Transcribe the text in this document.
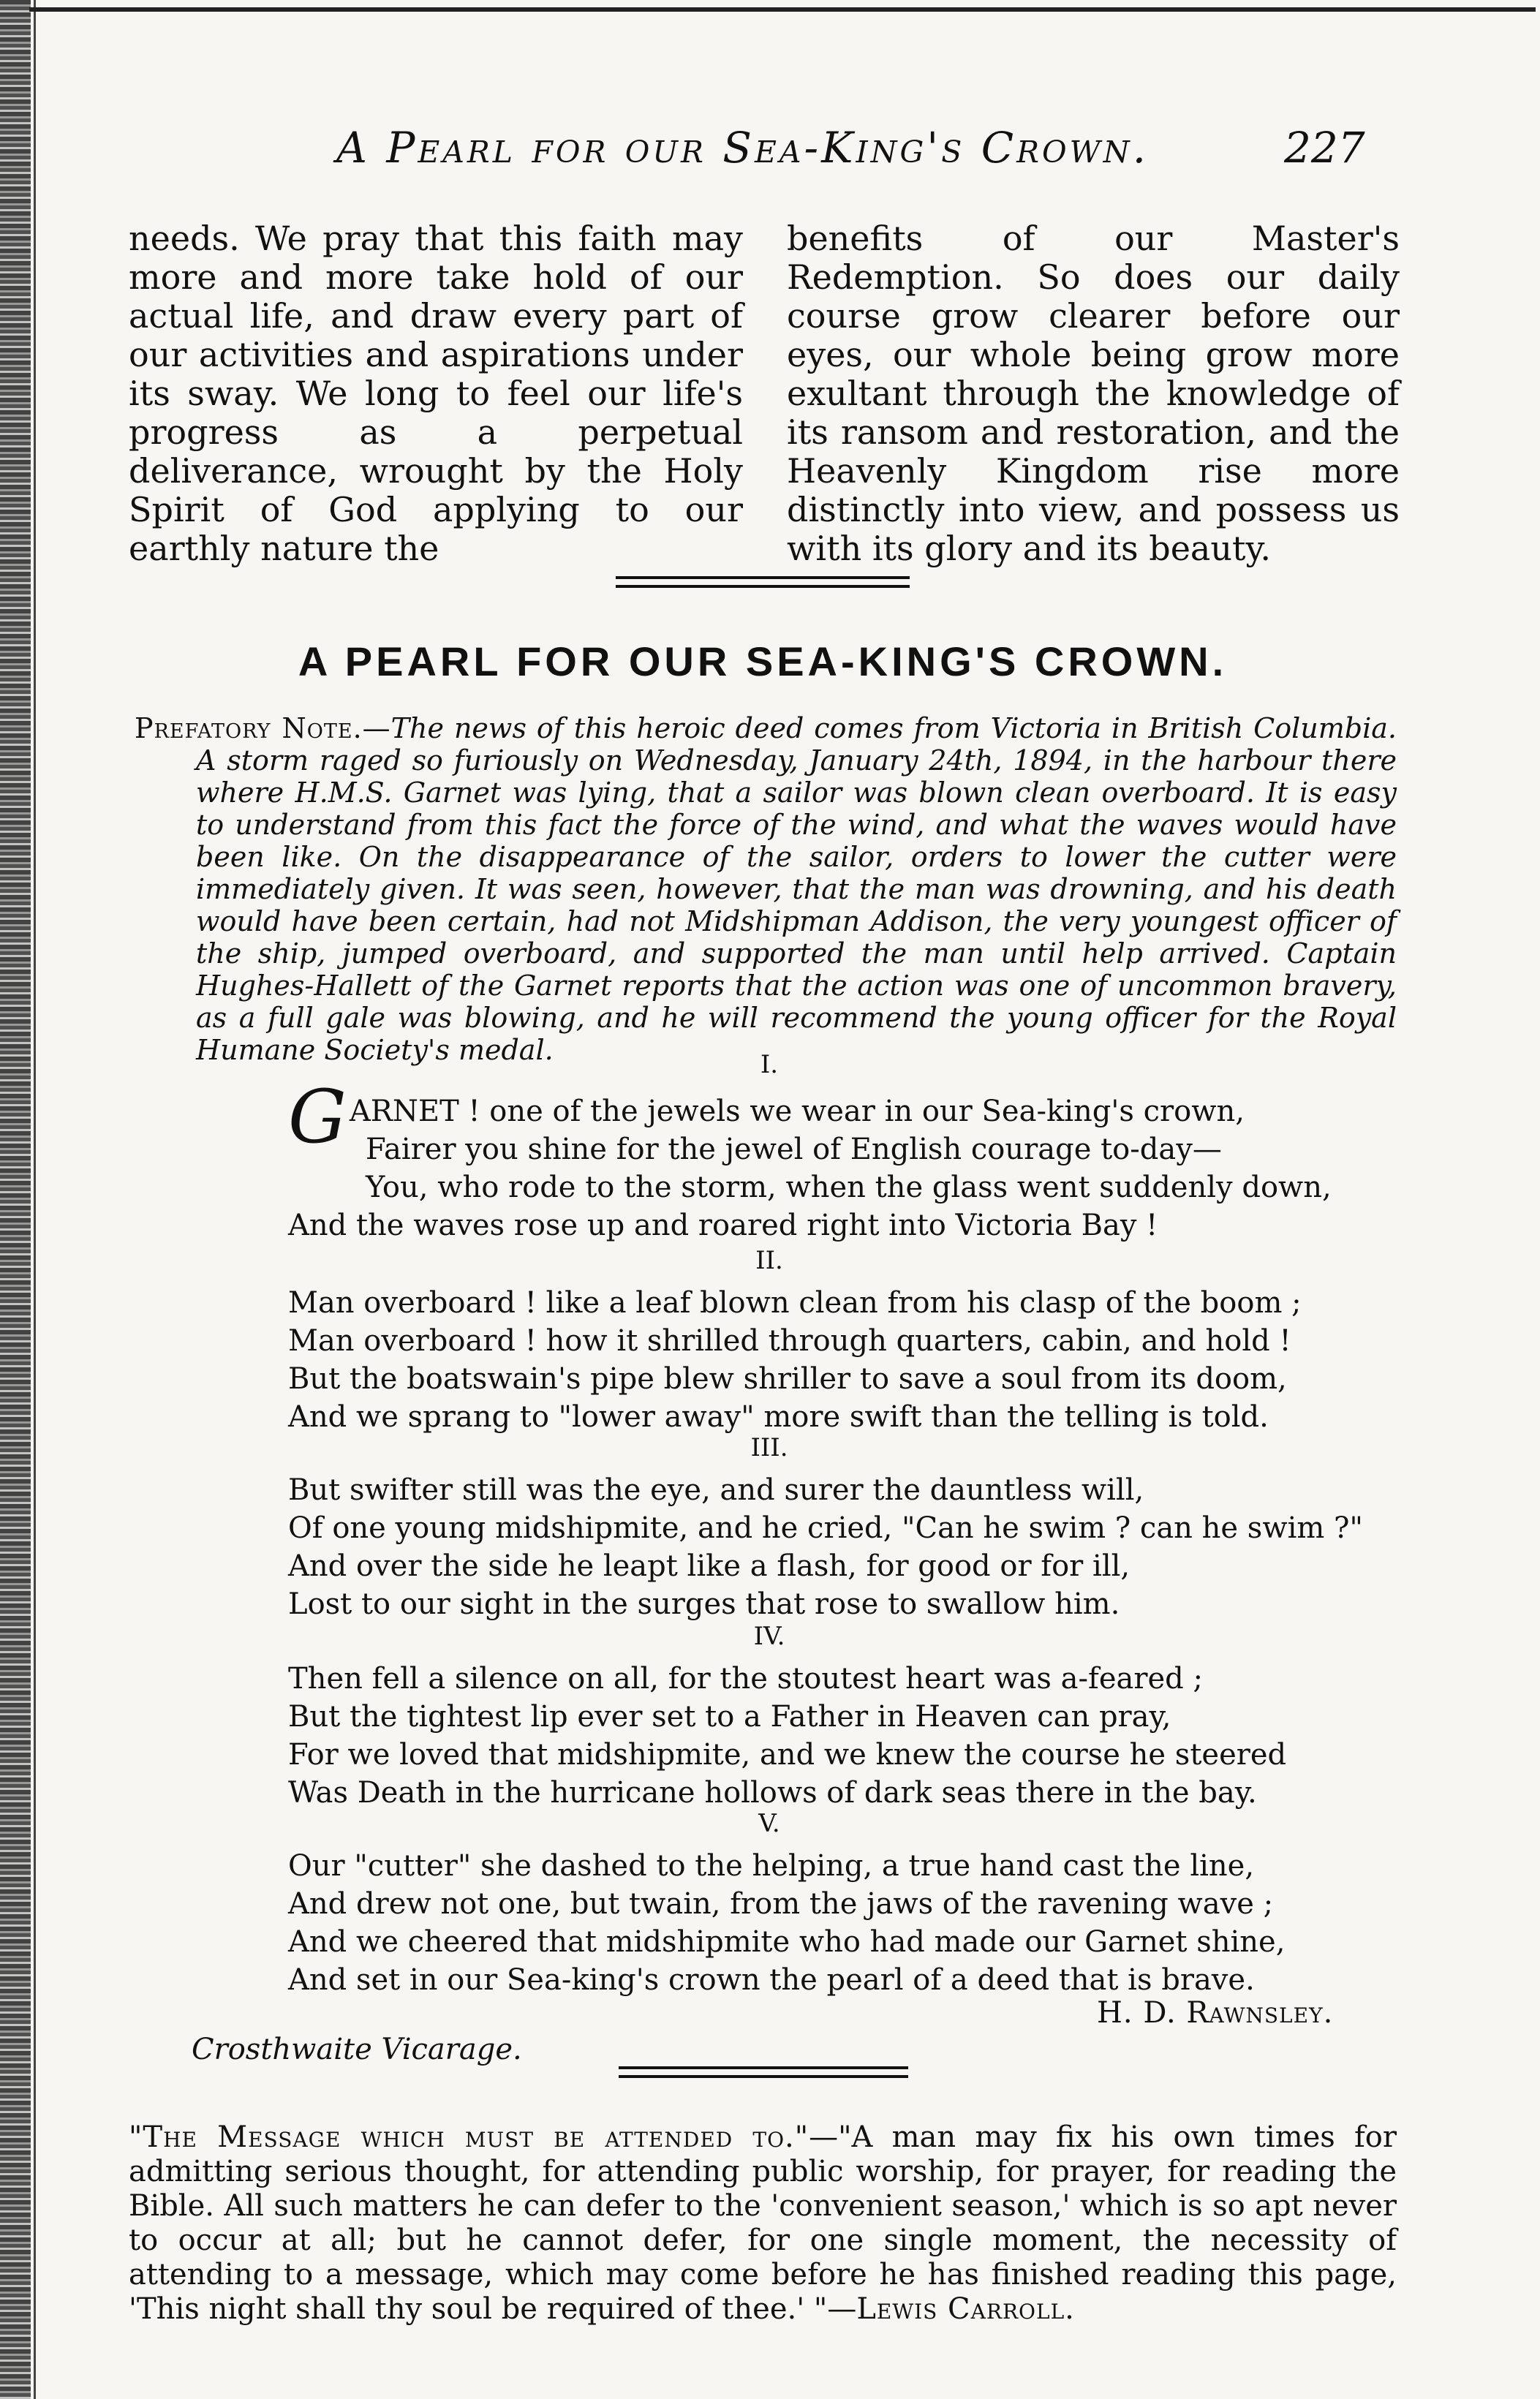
A Pearl for our Sea-King's Crown.	227
needs. We pray that this faith may more and more take hold of our actual life, and draw every part of our activities and aspirations under its sway. We long to feel our life's progress as a perpetual deliverance, wrought by the Holy Spirit of God applying to our earthly nature the
benefits of our Master's Redemption. So does our daily course grow clearer before our eyes, our whole being grow more exultant through the knowledge of its ransom and restoration, and the Heavenly Kingdom rise more distinctly into view, and possess us with its glory and its beauty.
A PEARL FOR OUR SEA-KING'S CROWN.
Prefatory Note.—The news of this heroic deed comes from Victoria in British Columbia. A storm raged so furiously on Wednesday, January 24th, 1894, in the harbour there where H.M.S. Garnet was lying, that a sailor was blown clean overboard. It is easy to understand from this fact the force of the wind, and what the waves would have been like. On the disappearance of the sailor, orders to lower the cutter were immediately given. It was seen, however, that the man was drowning, and his death would have been certain, had not Midshipman Addison, the very youngest officer of the ship, jumped overboard, and supported the man until help arrived. Captain Hughes-Hallett of the Garnet reports that the action was one of uncommon bravery, as a full gale was blowing, and he will recommend the young officer for the Royal Humane Society's medal.	I.
G ARNET ! one of the jewels we wear in our Sea-king's crown,
Fairer you shine for the jewel of English courage to-day—
You, who rode to the storm, when the glass went suddenly down,
And the waves rose up and roared right into Victoria Bay !
II.
Man overboard ! like a leaf blown clean from his clasp of the boom ;
Man overboard ! how it shrilled through quarters, cabin, and hold !
But the boatswain's pipe blew shriller to save a soul from its doom,
And we sprang to "lower away" more swift than the telling is told.
III.
But swifter still was the eye, and surer the dauntless will,
Of one young midshipmite, and he cried, "Can he swim ? can he swim ?"
And over the side he leapt like a flash, for good or for ill,
Lost to our sight in the surges that rose to swallow him.
IV.
Then fell a silence on all, for the stoutest heart was a-feared ;
But the tightest lip ever set to a Father in Heaven can pray,
For we loved that midshipmite, and we knew the course he steered
Was Death in the hurricane hollows of dark seas there in the bay.
V.
Our "cutter" she dashed to the helping, a true hand cast the line,
And drew not one, but twain, from the jaws of the ravening wave ;
And we cheered that midshipmite who had made our Garnet shine,
And set in our Sea-king's crown the pearl of a deed that is brave.
H. D. Rawnsley.
Crosthwaite Vicarage.
"The Message which must be attended to."—"A man may fix his own times for admitting serious thought, for attending public worship, for prayer, for reading the Bible. All such matters he can defer to the 'convenient season,' which is so apt never to occur at all; but he cannot defer, for one single moment, the necessity of attending to a message, which may come before he has finished reading this page, 'This night shall thy soul be required of thee.' "—Lewis Carroll.
